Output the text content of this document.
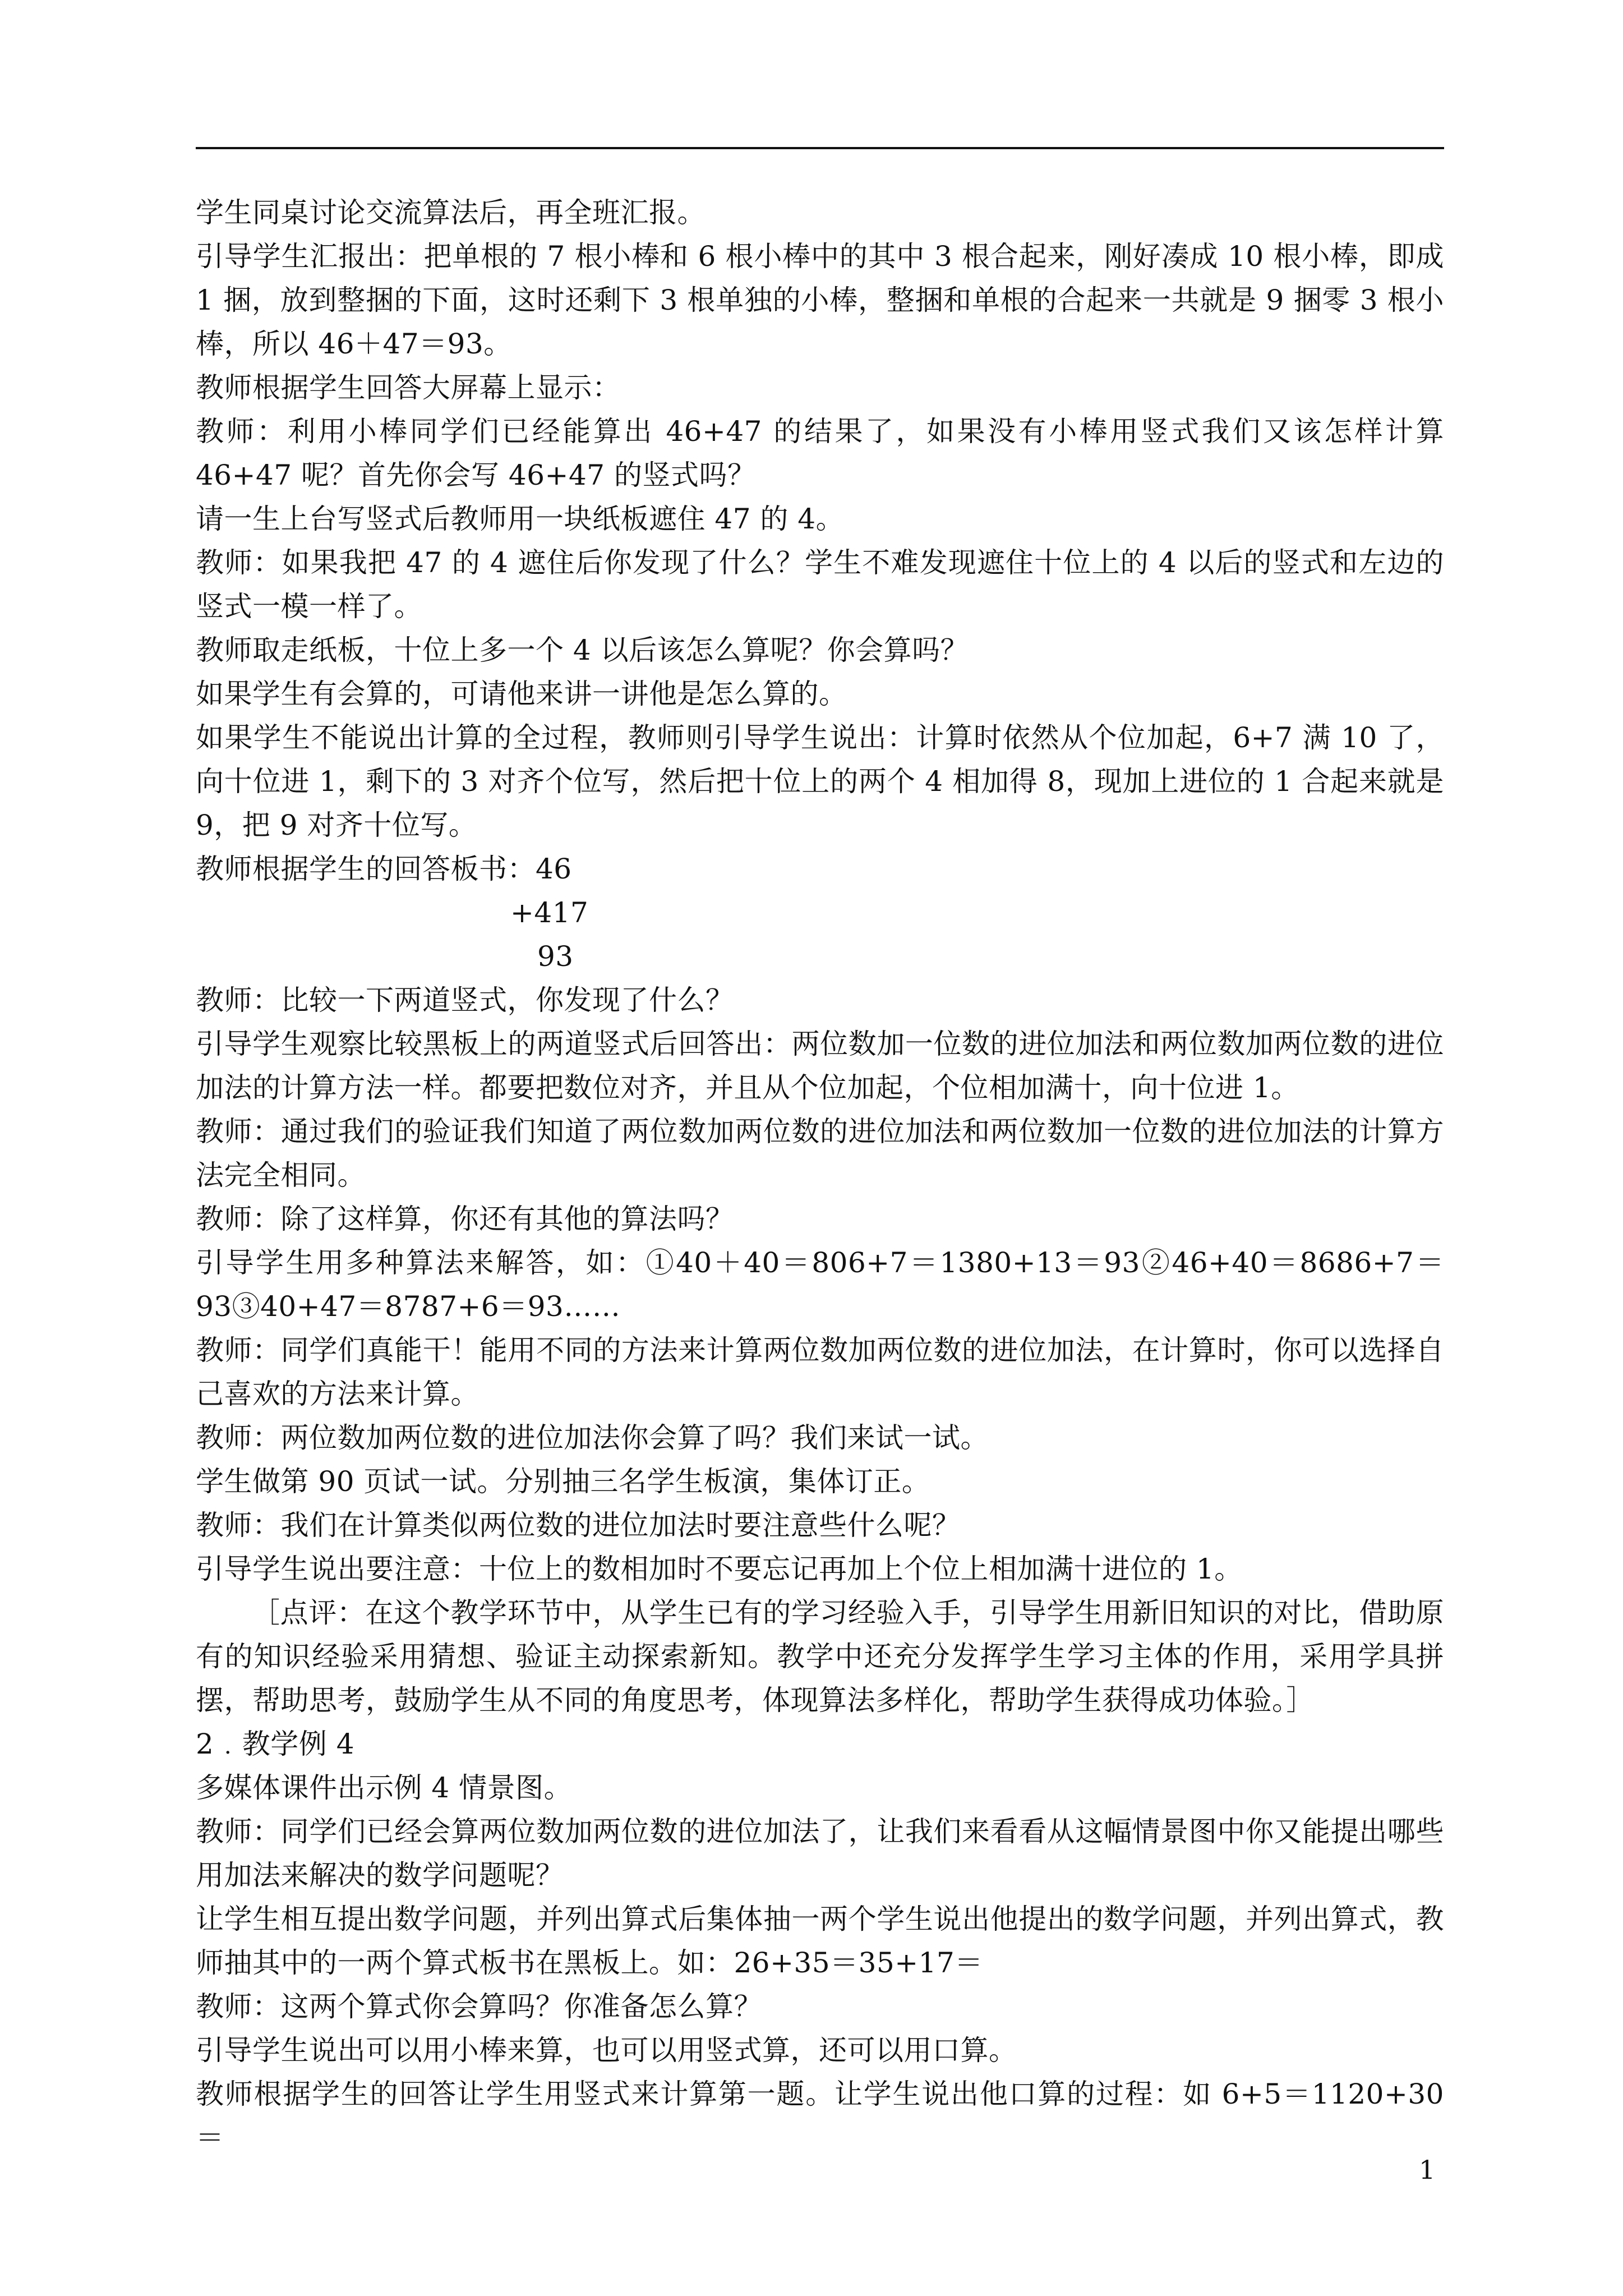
学生同桌讨论交流算法后，再全班汇报。

引导学生汇报出：把单根的 7 根小棒和 6 根小棒中的其中 3 根合起来，刚好凑成 10 根小棒，即成 1 捆，放到整捆的下面，这时还剩下 3 根单独的小棒，整捆和单根的合起来一共就是 9 捆零 3 根小棒，所以 46＋47＝93。

教师根据学生回答大屏幕上显示：

教师：利用小棒同学们已经能算出 46+47 的结果了，如果没有小棒用竖式我们又该怎样计算 46+47 呢？首先你会写 46+47 的竖式吗？

请一生上台写竖式后教师用一块纸板遮住 47 的 4。

教师：如果我把 47 的 4 遮住后你发现了什么？学生不难发现遮住十位上的 4 以后的竖式和左边的竖式一模一样了。

教师取走纸板，十位上多一个 4 以后该怎么算呢？你会算吗？

如果学生有会算的，可请他来讲一讲他是怎么算的。

如果学生不能说出计算的全过程，教师则引导学生说出：计算时依然从个位加起，6+7 满 10 了，向十位进 1，剩下的 3 对齐个位写，然后把十位上的两个 4 相加得 8，现加上进位的 1 合起来就是 9，把 9 对齐十位写。

教师根据学生的回答板书：46

+417
93

教师：比较一下两道竖式，你发现了什么？

引导学生观察比较黑板上的两道竖式后回答出：两位数加一位数的进位加法和两位数加两位数的进位加法的计算方法一样。都要把数位对齐，并且从个位加起，个位相加满十，向十位进 1。

教师：通过我们的验证我们知道了两位数加两位数的进位加法和两位数加一位数的进位加法的计算方法完全相同。

教师：除了这样算，你还有其他的算法吗？

引导学生用多种算法来解答，如：①40＋40＝806+7＝1380+13＝93②46+40＝8686+7＝93③40+47＝8787+6＝93……

教师：同学们真能干！能用不同的方法来计算两位数加两位数的进位加法，在计算时，你可以选择自己喜欢的方法来计算。

教师：两位数加两位数的进位加法你会算了吗？我们来试一试。

学生做第 90 页试一试。分别抽三名学生板演，集体订正。

教师：我们在计算类似两位数的进位加法时要注意些什么呢？

引导学生说出要注意：十位上的数相加时不要忘记再加上个位上相加满十进位的 1。

［点评：在这个教学环节中，从学生已有的学习经验入手，引导学生用新旧知识的对比，借助原有的知识经验采用猜想、验证主动探索新知。教学中还充分发挥学生学习主体的作用，采用学具拼摆，帮助思考，鼓励学生从不同的角度思考，体现算法多样化，帮助学生获得成功体验。］

2﹒教学例 4

多媒体课件出示例 4 情景图。

教师：同学们已经会算两位数加两位数的进位加法了，让我们来看看从这幅情景图中你又能提出哪些用加法来解决的数学问题呢？

让学生相互提出数学问题，并列出算式后集体抽一两个学生说出他提出的数学问题，并列出算式，教师抽其中的一两个算式板书在黑板上。如：26+35＝35+17＝

教师：这两个算式你会算吗？你准备怎么算？

引导学生说出可以用小棒来算，也可以用竖式算，还可以用口算。

教师根据学生的回答让学生用竖式来计算第一题。让学生说出他口算的过程：如 6+5＝1120+30＝

1
